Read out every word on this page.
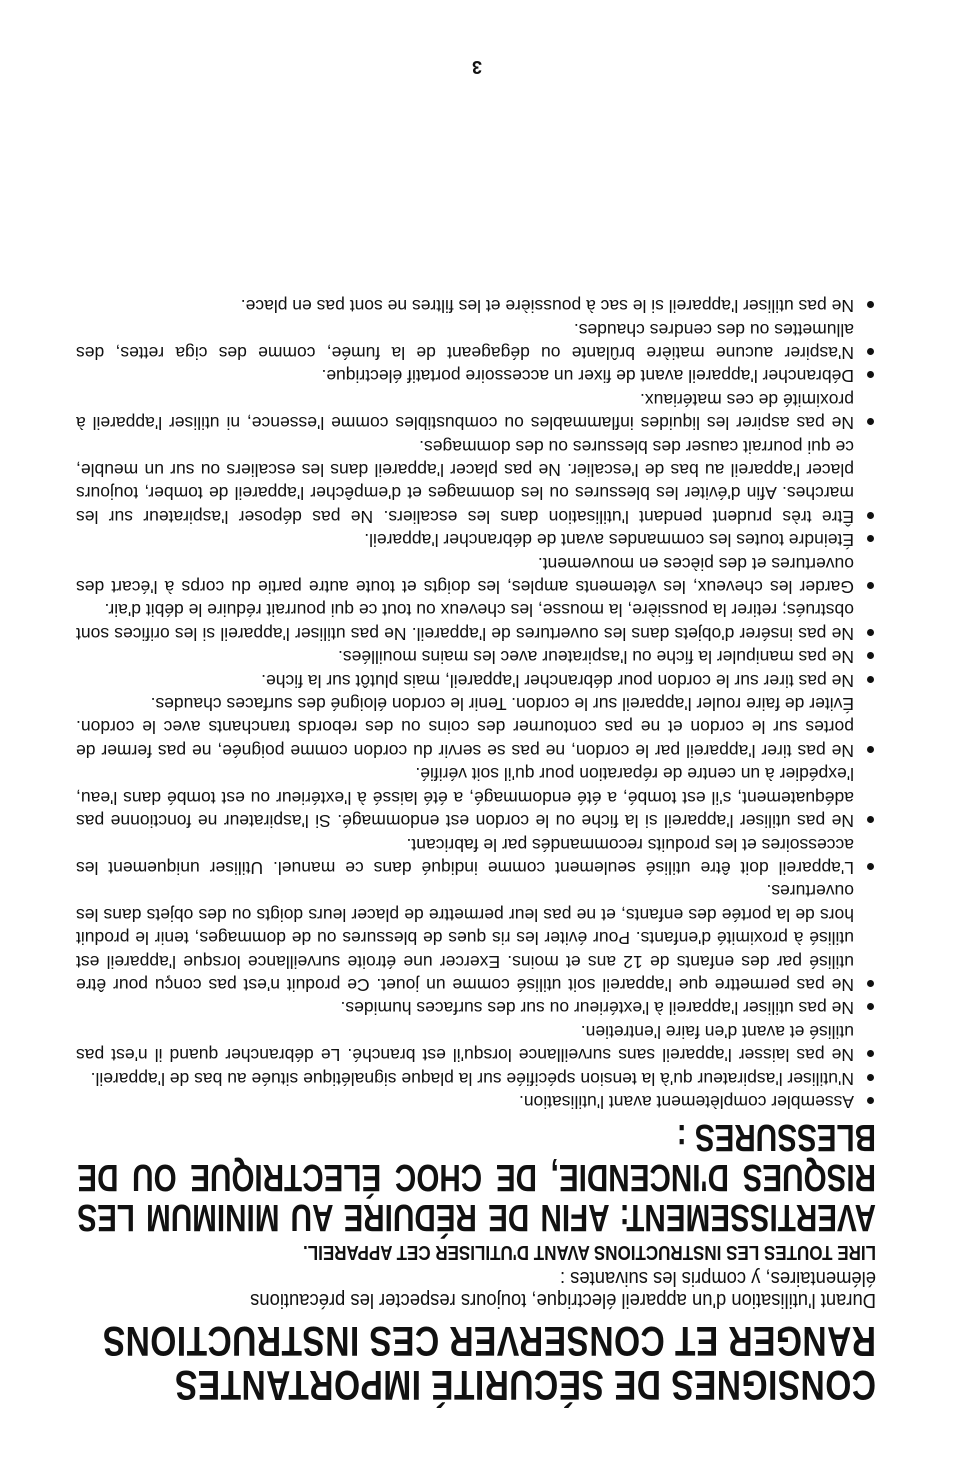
CONSIGNES DE SÉCURITÉ IMPORTANTES RANGER ET CONSERVER CES INSTRUCTIONS

Durant l'utilisation d'un appareil électrique, toujours respecter les précautions élémentaires, y compris les suivantes :

LIRE TOUTES LES INSTRUCTIONS AVANT D'UTILISER CET APPAREIL.

AVERTISSEMENT: AFIN DE RÉDUIRE AU MINIMUM LES RISQUES D'INCENDIE, DE CHOC ÉLECTRIQUE OU DE BLESSURES :
Assembler complètement avant l'utilisation.
N'utiliser l'aspirateur qu'à la tension spécifiée sur la plaque signalétique située au bas de l'appareil.
Ne pas laisser l'appareil sans surveillance lorsqu'il est branché. Le débrancher quand il n'est pas utilisé et avant d'en faire l'entretien.
Ne pas utiliser l'appareil à l'extérieur ou sur des surfaces humides.
Ne pas permettre que l'appareil soit utilisé comme un jouet. Ce produit n'est pas conçu pour être utilisé par des enfants de 12 ans et moins. Exercer une étroite surveillance lorsque l'appareil est utilisé à proximité d'enfants. Pour éviter les ris ques de blessures ou de dommages, tenir le produit hors de la portée des enfants, et ne pas leur permettre de placer leurs doigts ou des objets dans les ouvertures.
L'appareil doit être utilisé seulement comme indiqué dans ce manuel. Utiliser uniquement les accessoires et les produits recommandés par le fabricant.
Ne pas utiliser l'appareil si la fiche ou le cordon est endommagé. Si l'aspirateur ne fonctionne pas adéquatement, s'il est tombé, a été endommagé, a été laissé à l'extérieur ou est tombé dans l'eau, l'expédier à un centre de réparation pour qu'il soit vérifié.
Ne pas tirer l'appareil par le cordon, ne pas se servir du cordon comme poignée, ne pas fermer de portes sur le cordon et ne pas contourner des coins ou des rebords tranchants avec le cordon. Éviter de faire rouler l'appareil sur le cordon. Tenir le cordon éloigné des surfaces chaudes.
Ne pas tirer sur le cordon pour débrancher l'appareil, mais plutôt sur la fiche.
Ne pas manipuler la fiche ou l'aspirateur avec les mains mouillées.
Ne pas insérer d'objets dans les ouvertures de l'appareil. Ne pas utiliser l'appareil si les orifices sont obstrués; retirer la poussière, la mousse, les cheveux ou tout ce qui pourrait réduire le débit d'air.
Garder les cheveux, les vêtements amples, les doigts et toute autre partie du corps à l'écart des ouvertures et des pièces en mouvement.
Éteindre toutes les commandes avant de débrancher l'appareil.
Être très prudent pendant l'utilisation dans les escaliers. Ne pas déposer l'aspirateur sur les marches. Afin d'éviter les blessures ou les dommages et d'empêcher l'appareil de tomber, toujours placer l'appareil au bas de l'escalier. Ne pas placer l'appareil dans les escaliers ou sur un meuble, ce qui pourrait causer des blessures ou des dommages.
Ne pas aspirer les liquides inflammables ou combustibles comme l'essence, ni utiliser l'appareil à proximité de ces matériaux.
Débrancher l'appareil avant de fixer un accessoire portatif électrique.
N'aspirer aucune matière brûlante ou dégageant de la fumée, comme des ciga rettes, des allumettes ou des cendres chaudes.
Ne pas utiliser l'appareil si le sac à poussière et les filtres ne sont pas en place.
3
